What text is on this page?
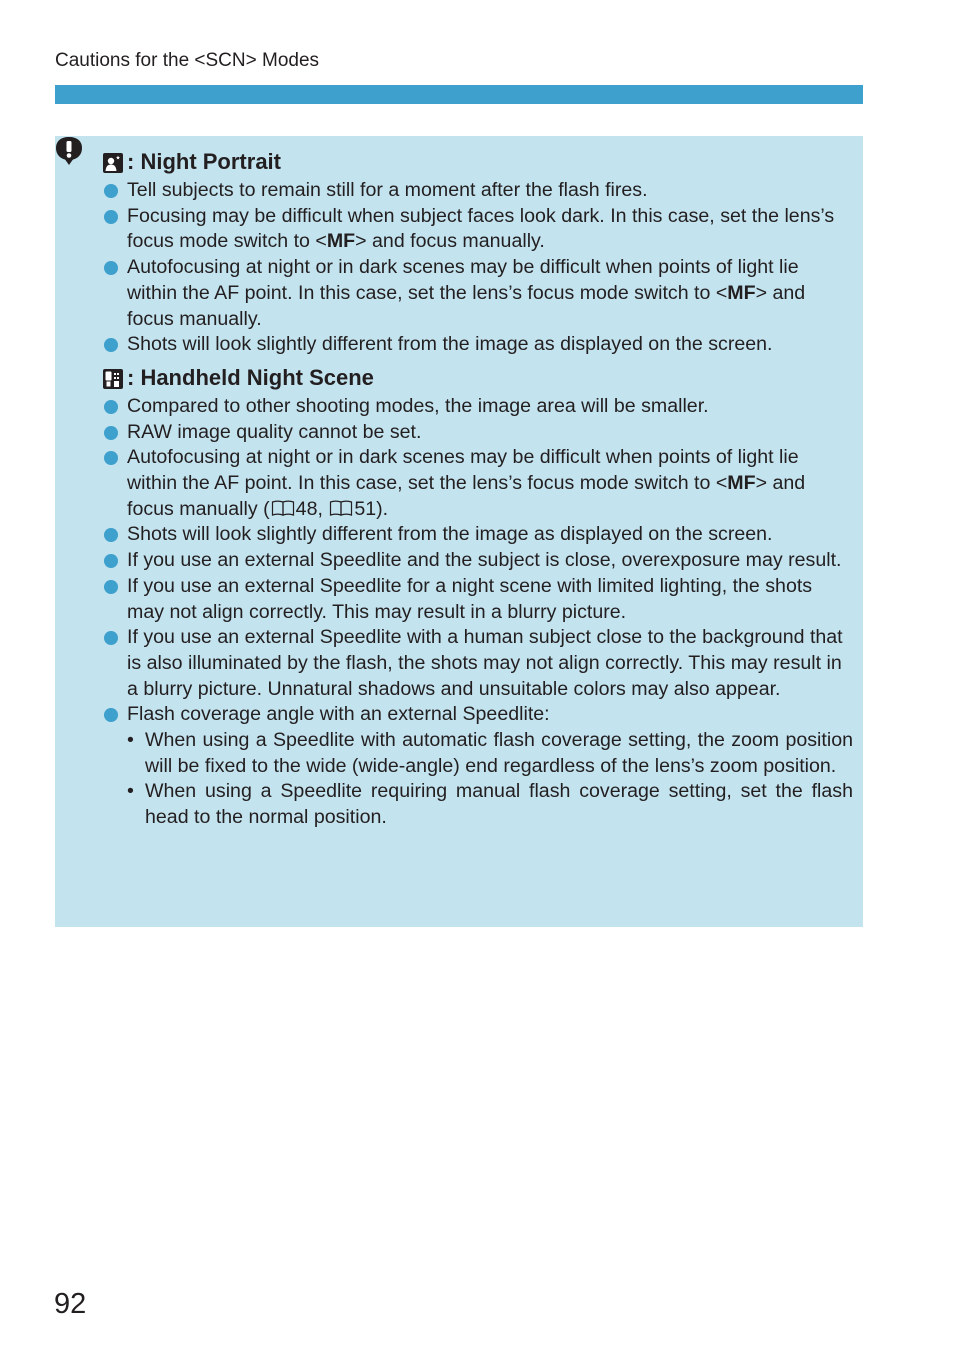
Cautions for the <SCN> Modes
: Night Portrait
Tell subjects to remain still for a moment after the flash fires.
Focusing may be difficult when subject faces look dark. In this case, set the lens’s focus mode switch to <MF> and focus manually.
Autofocusing at night or in dark scenes may be difficult when points of light lie within the AF point. In this case, set the lens’s focus mode switch to <MF> and focus manually.
Shots will look slightly different from the image as displayed on the screen.
: Handheld Night Scene
Compared to other shooting modes, the image area will be smaller.
RAW image quality cannot be set.
Autofocusing at night or in dark scenes may be difficult when points of light lie within the AF point. In this case, set the lens’s focus mode switch to <MF> and focus manually ( 48, 51).
Shots will look slightly different from the image as displayed on the screen.
If you use an external Speedlite and the subject is close, overexposure may result.
If you use an external Speedlite for a night scene with limited lighting, the shots may not align correctly. This may result in a blurry picture.
If you use an external Speedlite with a human subject close to the background that is also illuminated by the flash, the shots may not align correctly. This may result in a blurry picture. Unnatural shadows and unsuitable colors may also appear.
Flash coverage angle with an external Speedlite:
• When using a Speedlite with automatic flash coverage setting, the zoom position will be fixed to the wide (wide-angle) end regardless of the lens’s zoom position.
• When using a Speedlite requiring manual flash coverage setting, set the flash head to the normal position.
92
